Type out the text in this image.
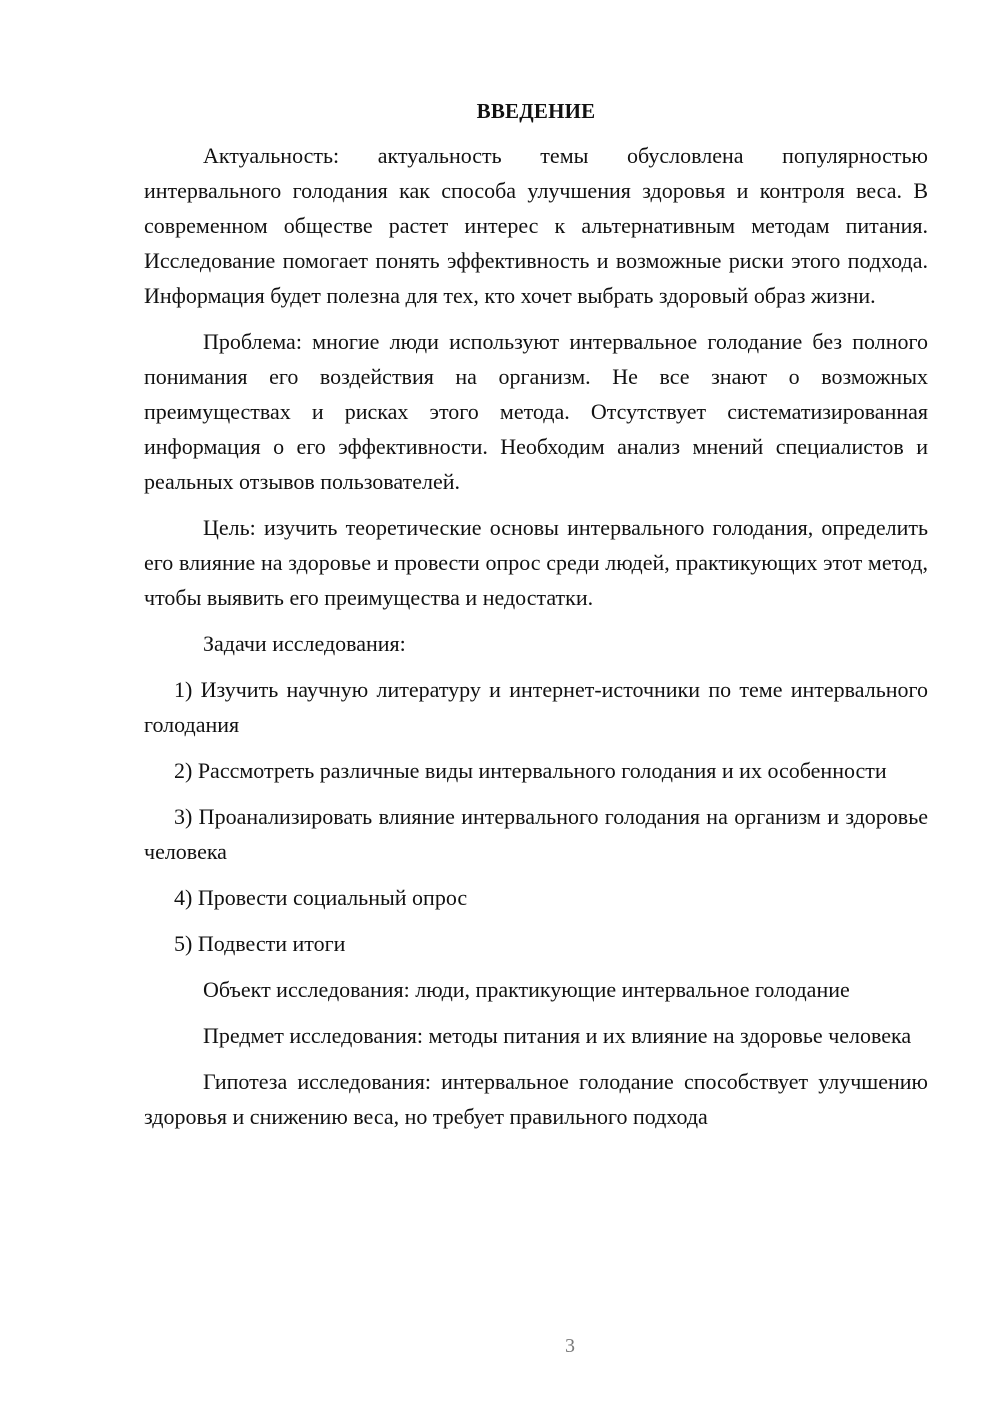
ВВЕДЕНИЕ

Актуальность: актуальность темы обусловлена популярностью интервального голодания как способа улучшения здоровья и контроля веса. В современном обществе растет интерес к альтернативным методам питания. Исследование помогает понять эффективность и возможные риски этого подхода. Информация будет полезна для тех, кто хочет выбрать здоровый образ жизни.

Проблема: многие люди используют интервальное голодание без полного понимания его воздействия на организм. Не все знают о возможных преимуществах и рисках этого метода. Отсутствует систематизированная информация о его эффективности. Необходим анализ мнений специалистов и реальных отзывов пользователей.

Цель: изучить теоретические основы интервального голодания, определить его влияние на здоровье и провести опрос среди людей, практикующих этот метод, чтобы выявить его преимущества и недостатки.

Задачи исследования:

1) Изучить научную литературу и интернет-источники по теме интервального голодания

2) Рассмотреть различные виды интервального голодания и их особенности

3) Проанализировать влияние интервального голодания на организм и здоровье человека

4) Провести социальный опрос

5) Подвести итоги

Объект исследования: люди, практикующие интервальное голодание

Предмет исследования: методы питания и их влияние на здоровье человека

Гипотеза исследования: интервальное голодание способствует улучшению здоровья и снижению веса, но требует правильного подхода

3
